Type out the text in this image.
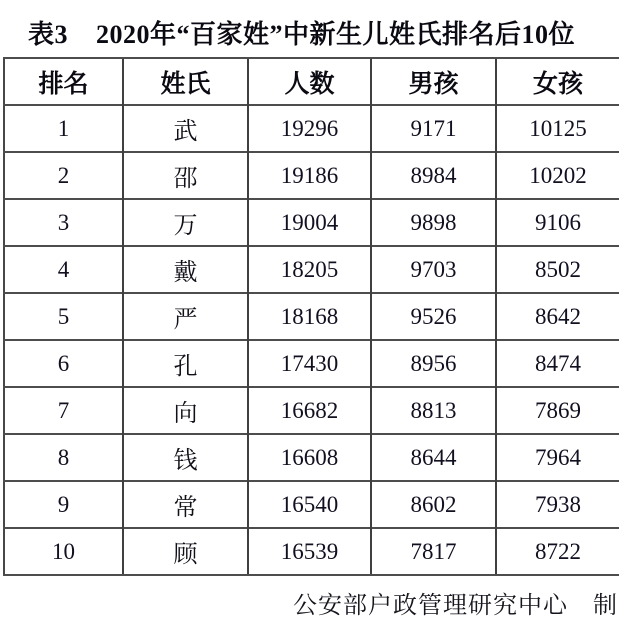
表3 2020年“百家姓”中新生儿姓氏排名后10位
排名	姓氏	人数	男孩	女孩
1	武	19296	9171	10125
2	邵	19186	8984	10202
3	万	19004	9898	9106
4	戴	18205	9703	8502
5	严	18168	9526	8642
6	孔	17430	8956	8474
7	向	16682	8813	7869
8	钱	16608	8644	7964
9	常	16540	8602	7938
10	顾	16539	7817	8722
公安部户政管理研究中心　制
